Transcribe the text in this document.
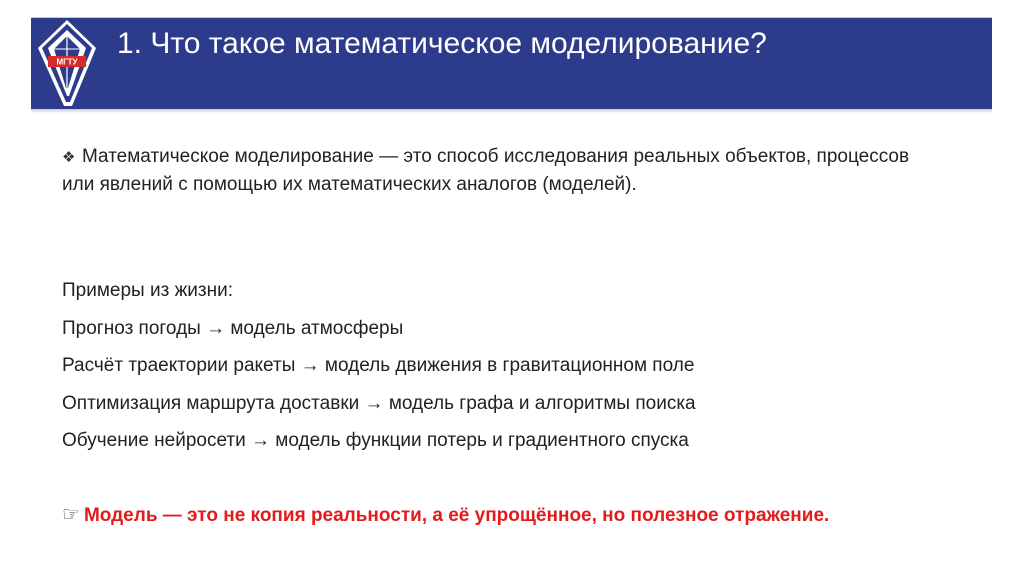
МГТУ
1. Что такое математическое моделирование?

❖ Математическое моделирование — это способ исследования реальных объектов, процессов или явлений с помощью их математических аналогов (моделей).

Примеры из жизни:
Прогноз погоды → модель атмосферы
Расчёт траектории ракеты → модель движения в гравитационном поле
Оптимизация маршрута доставки → модель графа и алгоритмы поиска
Обучение нейросети → модель функции потерь и градиентного спуска
☞ Модель — это не копия реальности, а её упрощённое, но полезное отражение.
